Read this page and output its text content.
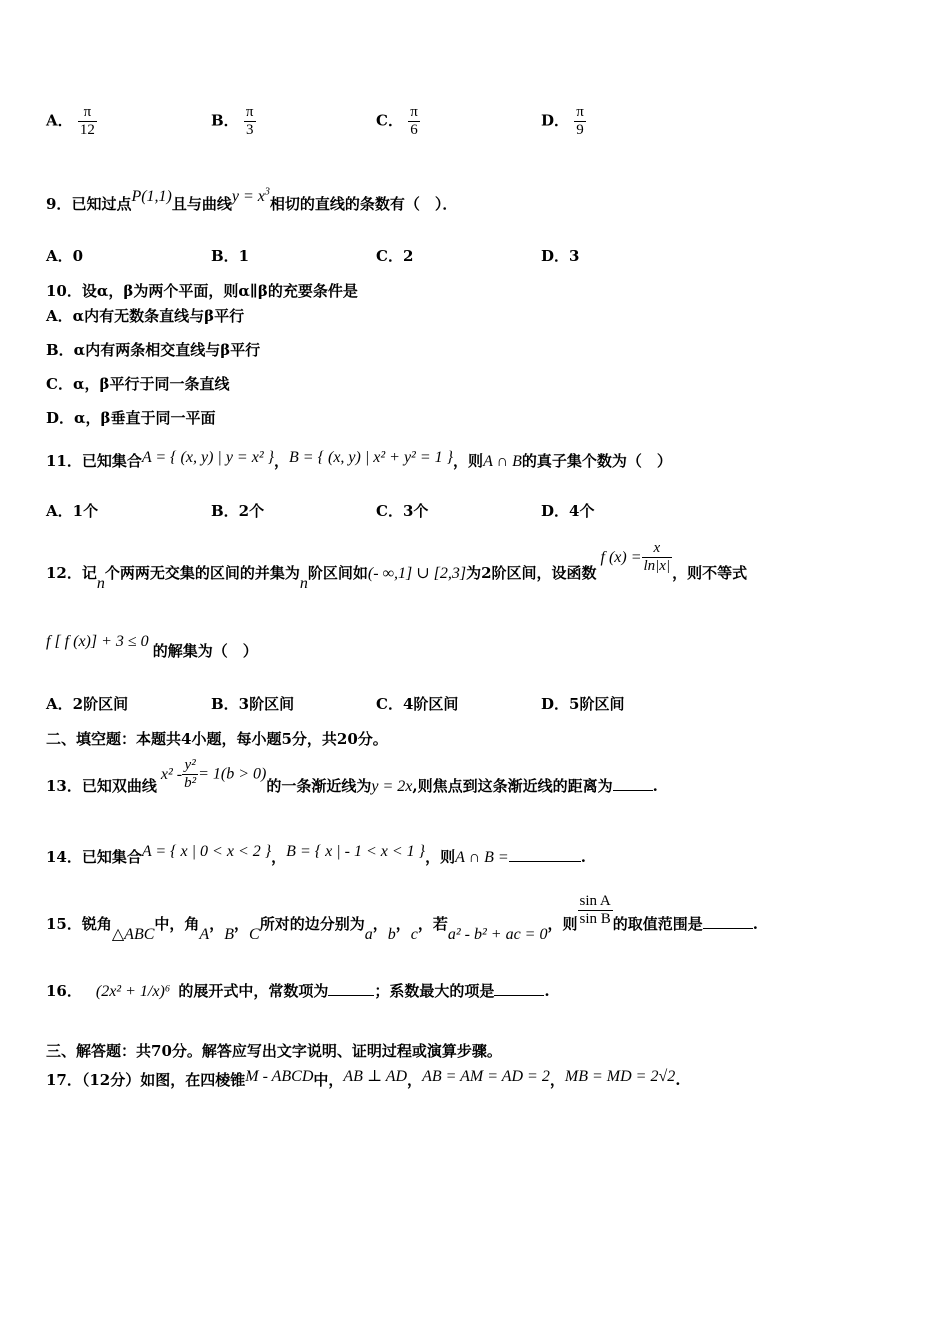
A． $\frac{\pi}{12}$	B． $\frac{\pi}{3}$	C． $\frac{\pi}{6}$	D． $\frac{\pi}{9}$
9．已知过点P(1,1)且与曲线$y = x^3$相切的直线的条数有（　）．
A．0	B．1	C．2	D．3
10．设α，β为两个平面，则α∥β的充要条件是
A．α内有无数条直线与β平行
B．α内有两条相交直线与β平行
C．α，β平行于同一条直线
D．α，β垂直于同一平面
11．已知集合A = { (x, y) | y = x² }，B = { (x, y) | x² + y² = 1 }，则A ∩ B的真子集个数为（　）
A．1个	B．2个	C．3个	D．4个
12．记n个两两无交集的区间的并集为n阶区间如(- ∞,1] ∪ [2,3]为2阶区间，设函数f $(x) = \frac{x}{\ln|x|}$ ，则不等式
f [ f (x)] + 3 ≤ 0的解集为（　）
A．2阶区间	B．3阶区间	C．4阶区间	D．5阶区间
二、填空题：本题共4小题，每小题5分，共20分。
13．已知双曲线$x^2 - \frac{\text{y²}}{\text{b²}} = 1(b > 0)$的一条渐近线为y = 2x,则焦点到这条渐近线的距离为	.
14．已知集合A = { x | 0 < x < 2 }，B = { x | - 1 < x < 1 }，则A ∩ B =	.
15．锐角△ABC中，角A，B，C所对的边分别为a，b，c，若a² - b² + ac = 0，则 $\frac{\text{sin A}}{\text{sin B}}$ 的取值范围是	.
16． (2x² + 1/x)⁶ 的展开式中，常数项为	；系数最大的项是	.
三、解答题：共70分。解答应写出文字说明、证明过程或演算步骤。
17．（12分）如图，在四棱锥M - ABCD中，AB ⊥ AD，AB = AM = AD = 2，MB = MD = 2√2.
